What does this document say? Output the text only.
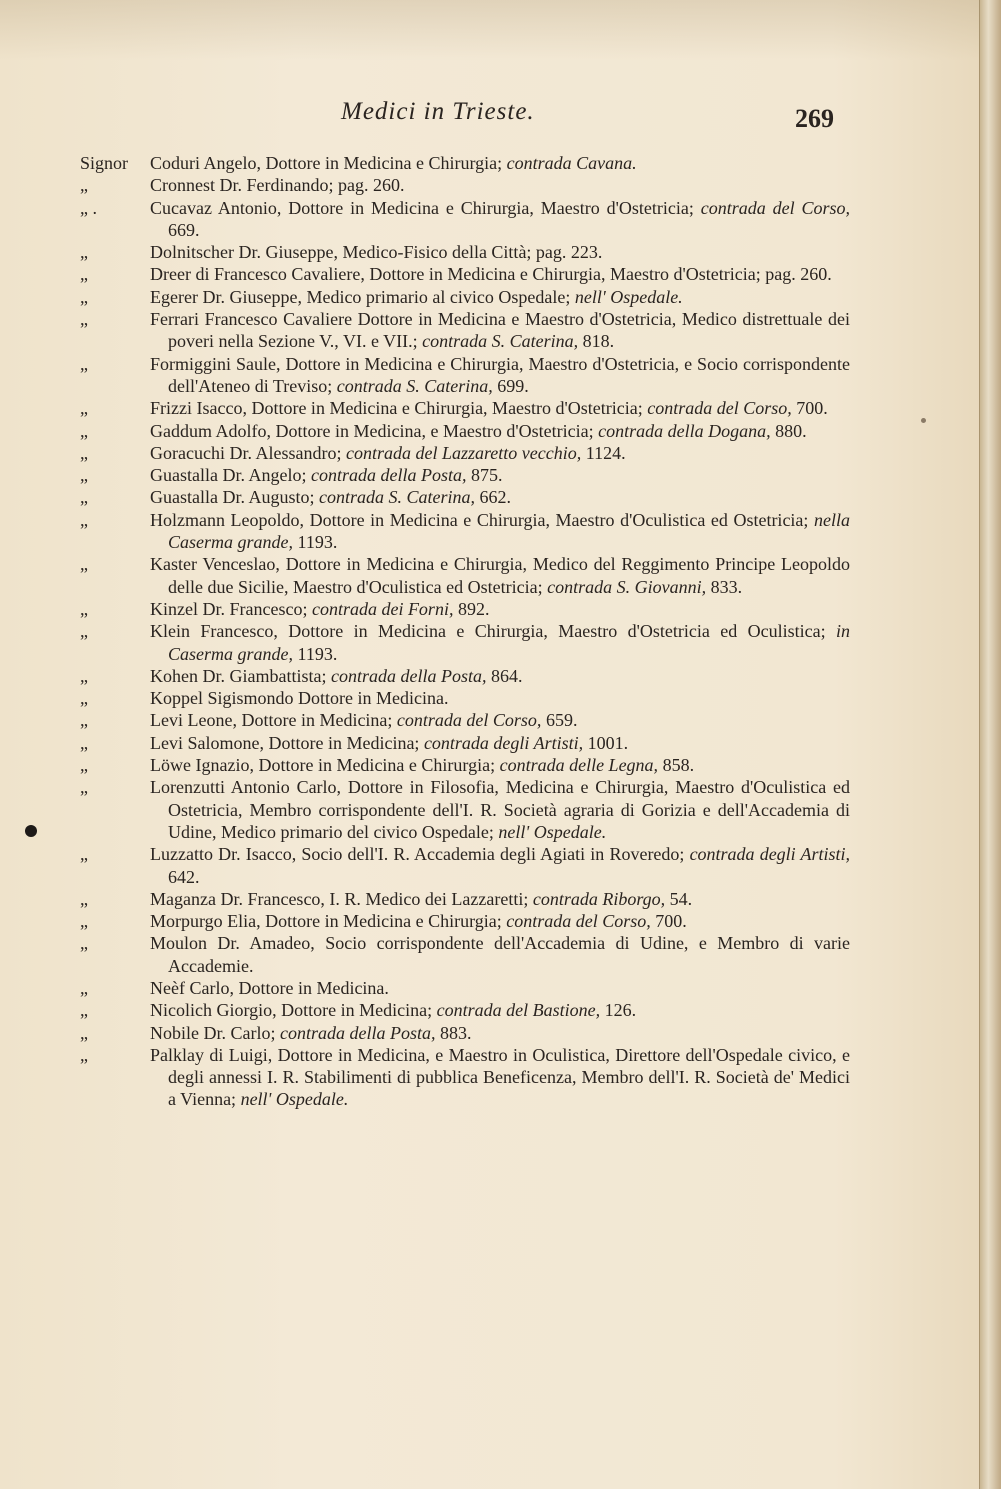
Medici in Trieste.	269
Signor	Coduri Angelo, Dottore in Medicina e Chirurgia; contrada Cavana.
„	Cronnest Dr. Ferdinando; pag. 260.
„ .	Cucavaz Antonio, Dottore in Medicina e Chirurgia, Maestro d'Ostetricia; contrada del Corso, 669.
„	Dolnitscher Dr. Giuseppe, Medico-Fisico della Città; pag. 223.
„	Dreer di Francesco Cavaliere, Dottore in Medicina e Chirurgia, Maestro d'Ostetricia; pag. 260.
„	Egerer Dr. Giuseppe, Medico primario al civico Ospedale; nell' Ospedale.
„	Ferrari Francesco Cavaliere Dottore in Medicina e Maestro d'Ostetricia, Medico distrettuale dei poveri nella Sezione V., VI. e VII.; contrada S. Caterina, 818.
„	Formiggini Saule, Dottore in Medicina e Chirurgia, Maestro d'Ostetricia, e Socio corrispondente dell'Ateneo di Treviso; contrada S. Caterina, 699.
„	Frizzi Isacco, Dottore in Medicina e Chirurgia, Maestro d'Ostetricia; contrada del Corso, 700.
„	Gaddum Adolfo, Dottore in Medicina, e Maestro d'Ostetricia; contrada della Dogana, 880.
„	Goracuchi Dr. Alessandro; contrada del Lazzaretto vecchio, 1124.
„	Guastalla Dr. Angelo; contrada della Posta, 875.
„	Guastalla Dr. Augusto; contrada S. Caterina, 662.
„	Holzmann Leopoldo, Dottore in Medicina e Chirurgia, Maestro d'Oculistica ed Ostetricia; nella Caserma grande, 1193.
„	Kaster Venceslao, Dottore in Medicina e Chirurgia, Medico del Reggimento Principe Leopoldo delle due Sicilie, Maestro d'Oculistica ed Ostetricia; contrada S. Giovanni, 833.
„	Kinzel Dr. Francesco; contrada dei Forni, 892.
„	Klein Francesco, Dottore in Medicina e Chirurgia, Maestro d'Ostetricia ed Oculistica; in Caserma grande, 1193.
„	Kohen Dr. Giambattista; contrada della Posta, 864.
„	Koppel Sigismondo Dottore in Medicina.
„	Levi Leone, Dottore in Medicina; contrada del Corso, 659.
„	Levi Salomone, Dottore in Medicina; contrada degli Artisti, 1001.
„	Löwe Ignazio, Dottore in Medicina e Chirurgia; contrada delle Legna, 858.
„	Lorenzutti Antonio Carlo, Dottore in Filosofia, Medicina e Chirurgia, Maestro d'Oculistica ed Ostetricia, Membro corrispondente dell'I. R. Società agraria di Gorizia e dell'Accademia di Udine, Medico primario del civico Ospedale; nell' Ospedale.
„	Luzzatto Dr. Isacco, Socio dell'I. R. Accademia degli Agiati in Roveredo; contrada degli Artisti, 642.
„	Maganza Dr. Francesco, I. R. Medico dei Lazzaretti; contrada Riborgo, 54.
„	Morpurgo Elia, Dottore in Medicina e Chirurgia; contrada del Corso, 700.
„	Moulon Dr. Amadeo, Socio corrispondente dell'Accademia di Udine, e Membro di varie Accademie.
„	Neèf Carlo, Dottore in Medicina.
„	Nicolich Giorgio, Dottore in Medicina; contrada del Bastione, 126.
„	Nobile Dr. Carlo; contrada della Posta, 883.
„	Palklay di Luigi, Dottore in Medicina, e Maestro in Oculistica, Direttore dell'Ospedale civico, e degli annessi I. R. Stabilimenti di pubblica Beneficenza, Membro dell'I. R. Società de' Medici a Vienna; nell' Ospedale.
